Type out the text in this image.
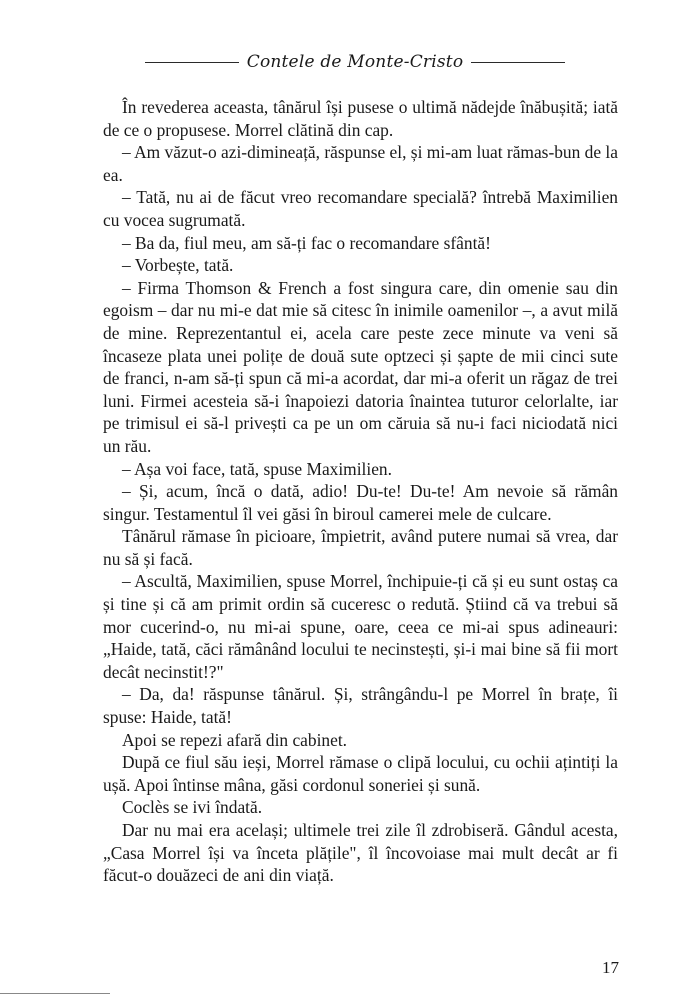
Contele de Monte-Cristo

În revederea aceasta, tânărul își pusese o ultimă nădejde înăbușită; iată de ce o propusese. Morrel clătină din cap.

– Am văzut-o azi-dimineață, răspunse el, și mi-am luat rămas-bun de la ea.

– Tată, nu ai de făcut vreo recomandare specială? întrebă Maximilien cu vocea sugrumată.

– Ba da, fiul meu, am să-ți fac o recomandare sfântă!

– Vorbește, tată.

– Firma Thomson & French a fost singura care, din omenie sau din egoism – dar nu mi-e dat mie să citesc în inimile oamenilor –, a avut milă de mine. Reprezentantul ei, acela care peste zece minute va veni să încaseze plata unei polițe de două sute optzeci și șapte de mii cinci sute de franci, n-am să-ți spun că mi-a acordat, dar mi-a oferit un răgaz de trei luni. Firmei acesteia să-i înapoiezi datoria înaintea tuturor celorlalte, iar pe trimisul ei să-l privești ca pe un om căruia să nu-i faci niciodată nici un rău.

– Așa voi face, tată, spuse Maximilien.

– Și, acum, încă o dată, adio! Du-te! Du-te! Am nevoie să rămân singur. Testamentul îl vei găsi în biroul camerei mele de culcare.

Tânărul rămase în picioare, împietrit, având putere numai să vrea, dar nu să și facă.

– Ascultă, Maximilien, spuse Morrel, închipuie-ți că și eu sunt ostaș ca și tine și că am primit ordin să cuceresc o redută. Știind că va trebui să mor cucerind-o, nu mi-ai spune, oare, ceea ce mi-ai spus adineauri: „Haide, tată, căci rămânând locului te necinstești, și-i mai bine să fii mort decât necinstit!?"

– Da, da! răspunse tânărul. Și, strângându-l pe Morrel în brațe, îi spuse: Haide, tată!

Apoi se repezi afară din cabinet.

După ce fiul său ieși, Morrel rămase o clipă locului, cu ochii ațintiți la ușă. Apoi întinse mâna, găsi cordonul soneriei și sună.

Coclès se ivi îndată.

Dar nu mai era același; ultimele trei zile îl zdrobiseră. Gândul acesta, „Casa Morrel își va înceta plățile", îl încovoiase mai mult decât ar fi făcut-o douăzeci de ani din viață.

17
